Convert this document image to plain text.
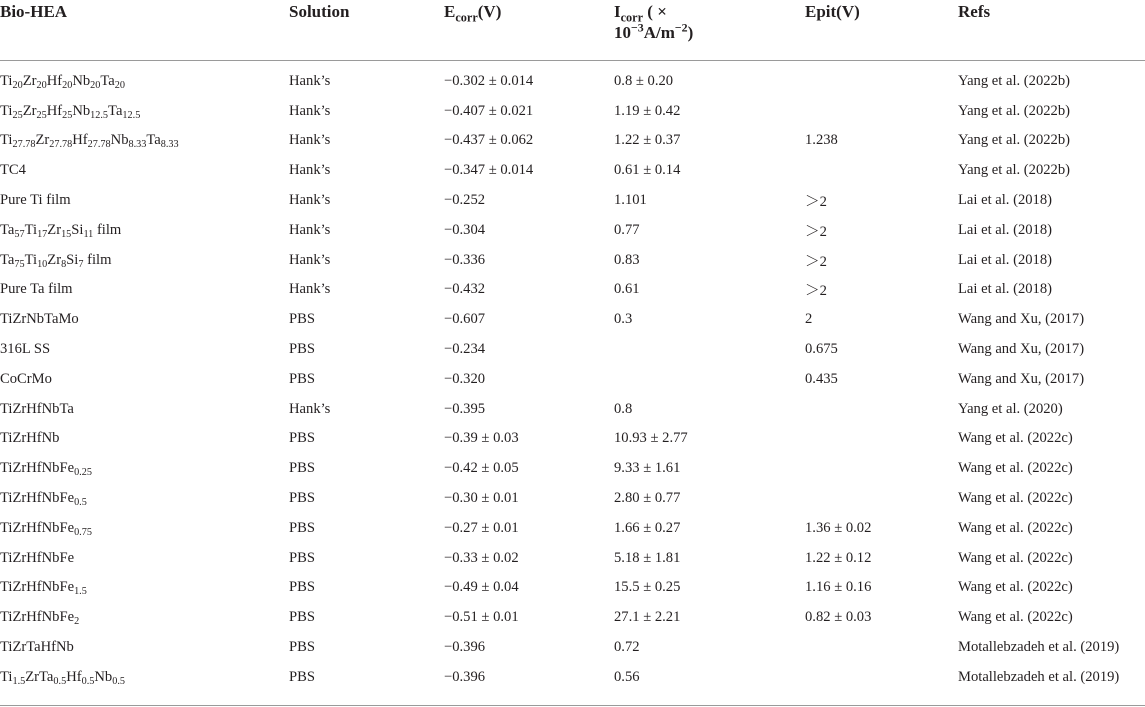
Bio-HEA	Solution	$E_{corr}(V)$	$I_{corr}$ ( ×
$10^{-3}A/m^{-2}$)	Epit(V)	Refs

$Ti_{20}Zr_{20}Hf_{20}Nb_{20}Ta_{20}$	Hank’s	−0.302 ± 0.014	0.8 ± 0.20		Yang et al. (2022b)
$Ti_{25}Zr_{25}Hf_{25}Nb_{12.5}Ta_{12.5}$	Hank’s	−0.407 ± 0.021	1.19 ± 0.42		Yang et al. (2022b)
$Ti_{27.78}Zr_{27.78}Hf_{27.78}Nb_{8.33}Ta_{8.33}$	Hank’s	−0.437 ± 0.062	1.22 ± 0.37	1.238	Yang et al. (2022b)
TC4	Hank’s	−0.347 ± 0.014	0.61 ± 0.14		Yang et al. (2022b)
Pure Ti film	Hank’s	−0.252	1.101	＞2	Lai et al. (2018)
$Ta_{57}Ti_{17}Zr_{15}Si_{11}$ film	Hank’s	−0.304	0.77	＞2	Lai et al. (2018)
$Ta_{75}Ti_{10}Zr_8Si_7$ film	Hank’s	−0.336	0.83	＞2	Lai et al. (2018)
Pure Ta film	Hank’s	−0.432	0.61	＞2	Lai et al. (2018)
TiZrNbTaMo	PBS	−0.607	0.3	2	Wang and Xu, (2017)
316L SS	PBS	−0.234		0.675	Wang and Xu, (2017)
CoCrMo	PBS	−0.320		0.435	Wang and Xu, (2017)
TiZrHfNbTa	Hank’s	−0.395	0.8		Yang et al. (2020)
TiZrHfNb	PBS	−0.39 ± 0.03	10.93 ± 2.77		Wang et al. (2022c)
TiZrHfNbFe$_{0.25}$	PBS	−0.42 ± 0.05	9.33 ± 1.61		Wang et al. (2022c)
TiZrHfNbFe$_{0.5}$	PBS	−0.30 ± 0.01	2.80 ± 0.77		Wang et al. (2022c)
TiZrHfNbFe$_{0.75}$	PBS	−0.27 ± 0.01	1.66 ± 0.27	1.36 ± 0.02	Wang et al. (2022c)
TiZrHfNbFe	PBS	−0.33 ± 0.02	5.18 ± 1.81	1.22 ± 0.12	Wang et al. (2022c)
TiZrHfNbFe$_{1.5}$	PBS	−0.49 ± 0.04	15.5 ± 0.25	1.16 ± 0.16	Wang et al. (2022c)
TiZrHfNbFe$_2$	PBS	−0.51 ± 0.01	27.1 ± 2.21	0.82 ± 0.03	Wang et al. (2022c)
TiZrTaHfNb	PBS	−0.396	0.72		Motallebzadeh et al. (2019)
$Ti_{1.5}ZrTa_{0.5}Hf_{0.5}Nb_{0.5}$	PBS	−0.396	0.56		Motallebzadeh et al. (2019)
